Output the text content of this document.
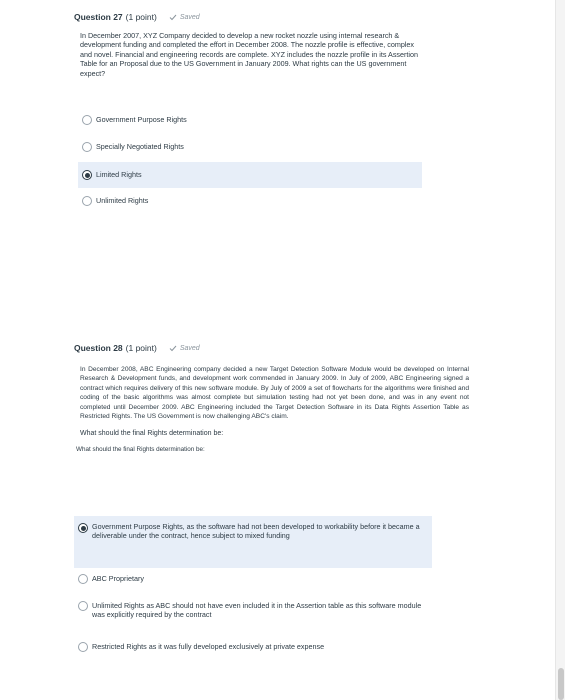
Question 27 (1 point)	Saved
In December 2007, XYZ Company decided to develop a new rocket nozzle using internal research & development funding and completed the effort in December 2008. The nozzle profile is effective, complex and novel. Financial and engineering records are complete. XYZ includes the nozzle profile in its Assertion Table for an Proposal due to the US Government in January 2009. What rights can the US government expect?
Government Purpose Rights
Specially Negotiated Rights
Limited Rights
Unlimited Rights
Question 28 (1 point)	Saved
In December 2008, ABC Engineering company decided a new Target Detection Software Module would be developed on Internal Research & Development funds, and development work commended in January 2009. In July of 2009, ABC Engineering signed a contract which requires delivery of this new software module. By July of 2009 a set of flowcharts for the algorithms were finished and coding of the basic algorithms was almost complete but simulation testing had not yet been done, and was in any event not completed until December 2009. ABC Engineering included the Target Detection Software in its Data Rights Assertion Table as Restricted Rights. The US Government is now challenging ABC's claim.
What should the final Rights determination be:
What should the final Rights determination be:
Government Purpose Rights, as the software had not been developed to workability before it became a deliverable under the contract, hence subject to mixed funding
ABC Proprietary
Unlimited Rights as ABC should not have even included it in the Assertion table as this software module was explicitly required by the contract
Restricted Rights as it was fully developed exclusively at private expense
